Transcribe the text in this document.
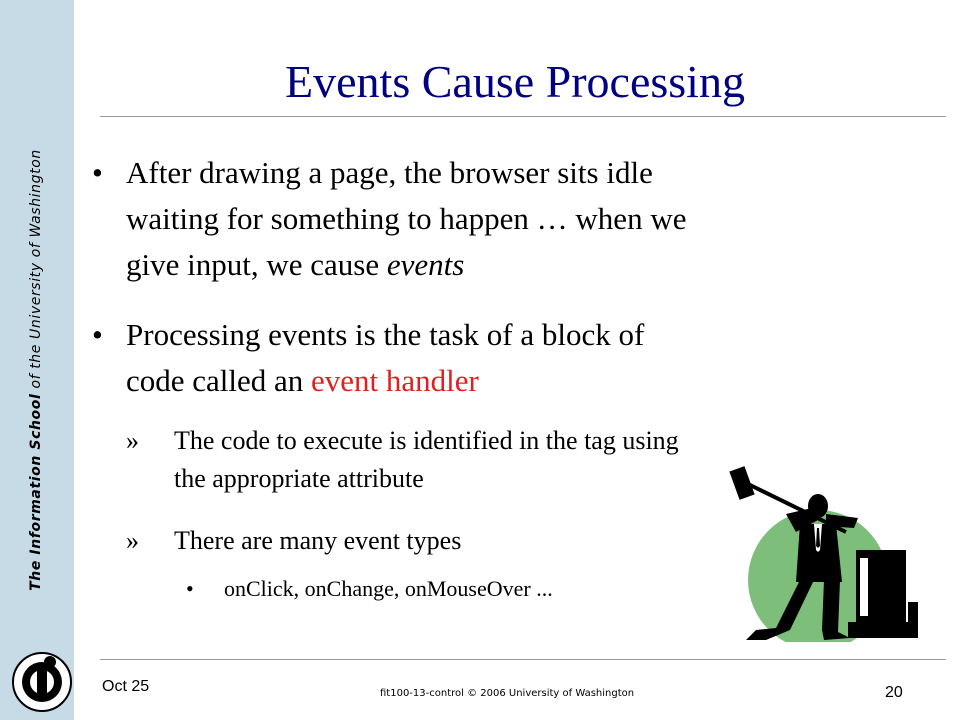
The Information School of the University of Washington
Events Cause Processing
• After drawing a page, the browser sits idle
waiting for something to happen … when we
give input, we cause events
• Processing events is the task of a block of
code called an event handler
» The code to execute is identified in the tag using
the appropriate attribute
» There are many event types
• onClick, onChange, onMouseOver ...
Oct 25	fit100-13-control © 2006 University of Washington	20
